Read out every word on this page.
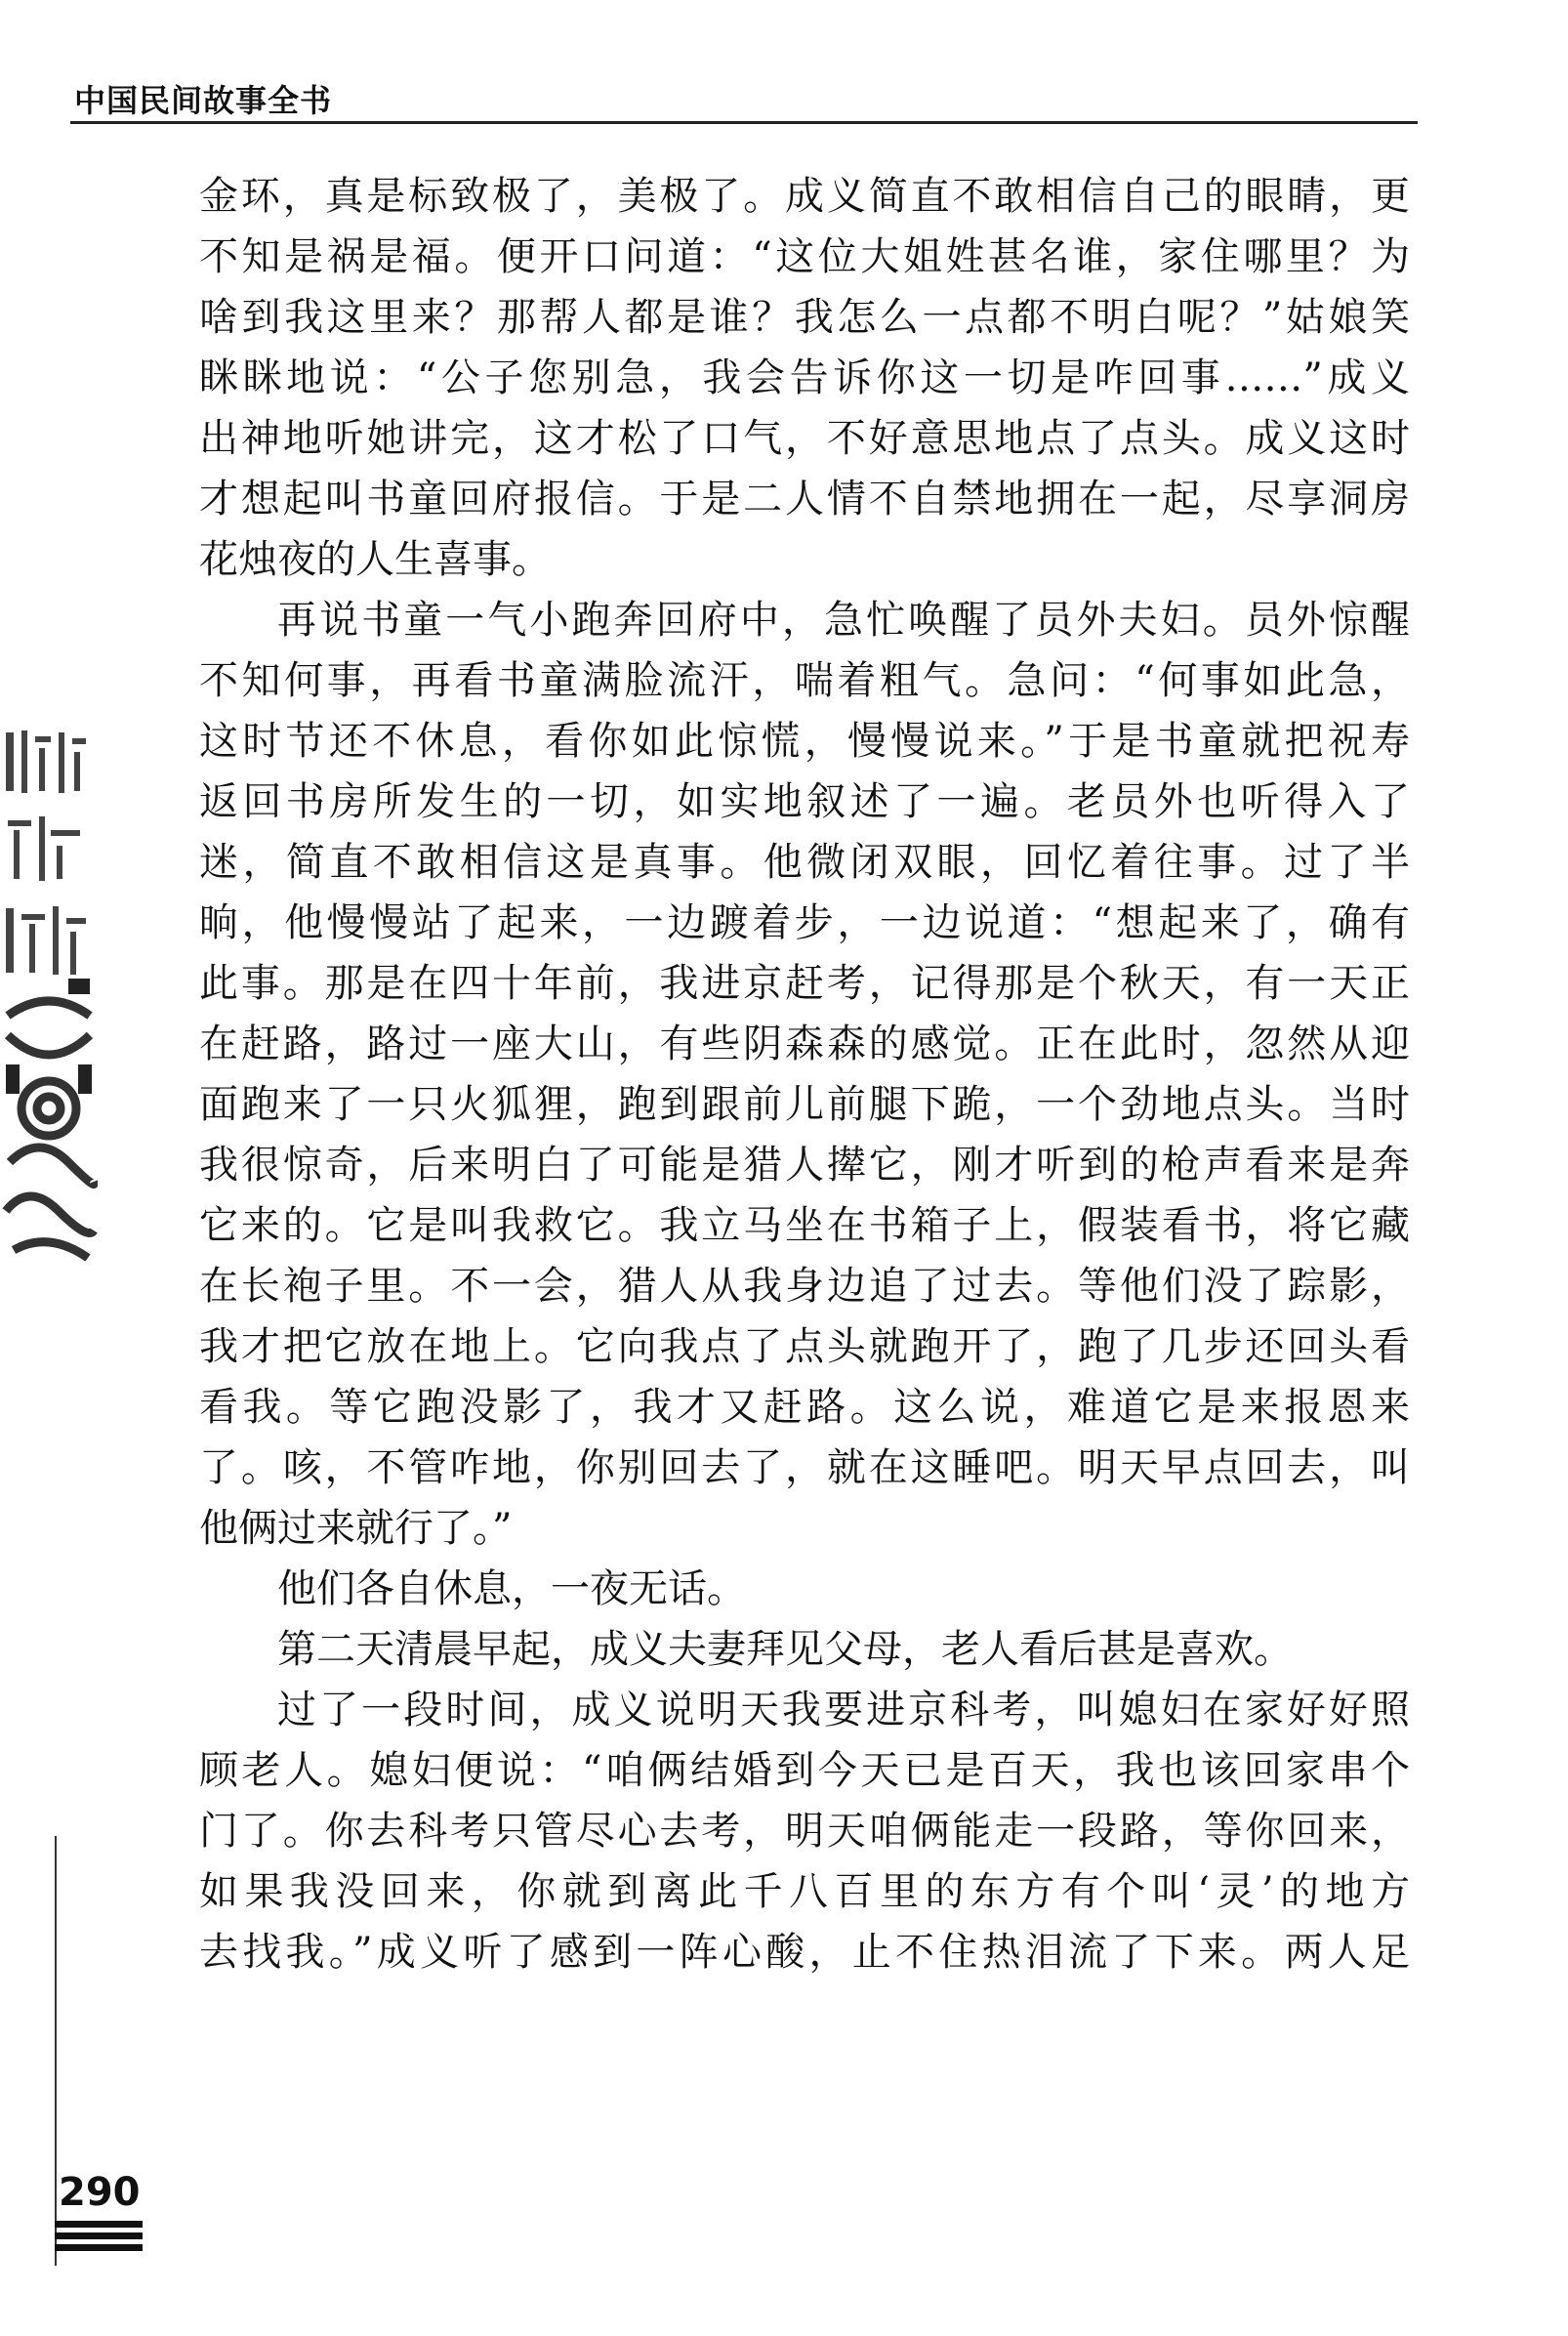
中国民间故事全书
金环，真是标致极了，美极了。成义简直不敢相信自己的眼睛，更
不知是祸是福。便开口问道：“这位大姐姓甚名谁，家住哪里？为
啥到我这里来？那帮人都是谁？我怎么一点都不明白呢？”姑娘笑
眯眯地说：“公子您别急，我会告诉你这一切是咋回事……”成义
出神地听她讲完，这才松了口气，不好意思地点了点头。成义这时
才想起叫书童回府报信。于是二人情不自禁地拥在一起，尽享洞房
花烛夜的人生喜事。
再说书童一气小跑奔回府中，急忙唤醒了员外夫妇。员外惊醒
不知何事，再看书童满脸流汗，喘着粗气。急问：“何事如此急，
这时节还不休息，看你如此惊慌，慢慢说来。”于是书童就把祝寿
返回书房所发生的一切，如实地叙述了一遍。老员外也听得入了
迷，简直不敢相信这是真事。他微闭双眼，回忆着往事。过了半
晌，他慢慢站了起来，一边踱着步，一边说道：“想起来了，确有
此事。那是在四十年前，我进京赶考，记得那是个秋天，有一天正
在赶路，路过一座大山，有些阴森森的感觉。正在此时，忽然从迎
面跑来了一只火狐狸，跑到跟前儿前腿下跪，一个劲地点头。当时
我很惊奇，后来明白了可能是猎人撵它，刚才听到的枪声看来是奔
它来的。它是叫我救它。我立马坐在书箱子上，假装看书，将它藏
在长袍子里。不一会，猎人从我身边追了过去。等他们没了踪影，
我才把它放在地上。它向我点了点头就跑开了，跑了几步还回头看
看我。等它跑没影了，我才又赶路。这么说，难道它是来报恩来
了。咳，不管咋地，你别回去了，就在这睡吧。明天早点回去，叫
他俩过来就行了。”
他们各自休息，一夜无话。
第二天清晨早起，成义夫妻拜见父母，老人看后甚是喜欢。
过了一段时间，成义说明天我要进京科考，叫媳妇在家好好照
顾老人。媳妇便说：“咱俩结婚到今天已是百天，我也该回家串个
门了。你去科考只管尽心去考，明天咱俩能走一段路，等你回来，
如果我没回来，你就到离此千八百里的东方有个叫‘灵’的地方
去找我。”成义听了感到一阵心酸，止不住热泪流了下来。两人足
290
